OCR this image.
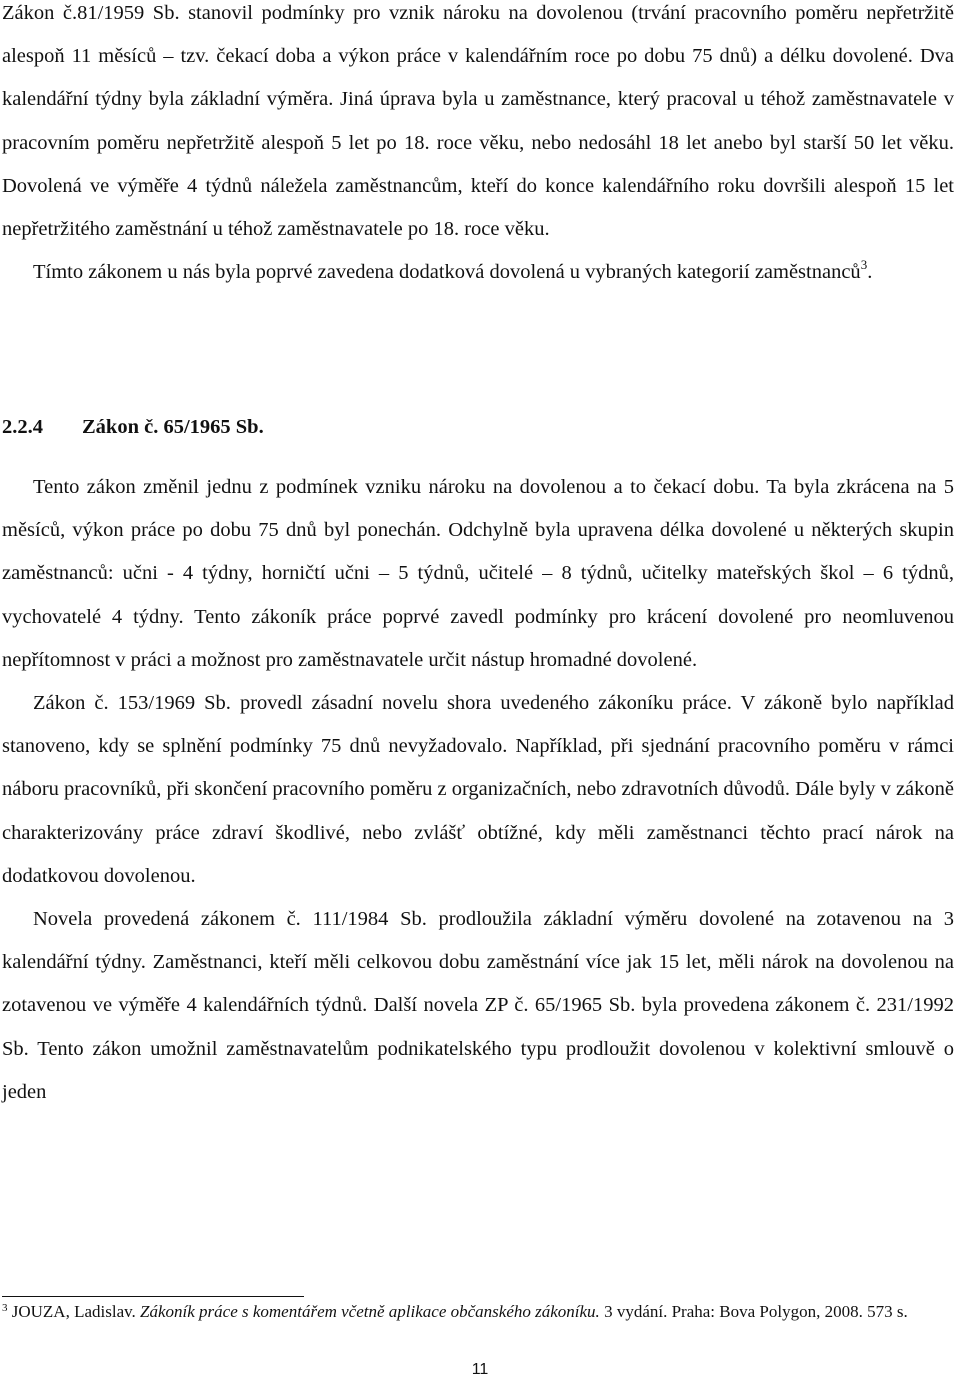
Zákon č.81/1959 Sb. stanovil podmínky pro vznik nároku na dovolenou (trvání pracovního poměru nepřetržitě alespoň 11 měsíců – tzv. čekací doba a výkon práce v kalendářním roce po dobu 75 dnů) a délku dovolené. Dva kalendářní týdny byla základní výměra. Jiná úprava byla u zaměstnance, který pracoval u téhož zaměstnavatele v pracovním poměru nepřetržitě alespoň 5 let po 18. roce věku, nebo nedosáhl 18 let anebo byl starší 50 let věku. Dovolená ve výměře 4 týdnů náležela zaměstnancům, kteří do konce kalendářního roku dovršili alespoň 15 let nepřetržitého zaměstnání u téhož zaměstnavatele po 18. roce věku.

Tímto zákonem u nás byla poprvé zavedena dodatková dovolená u vybraných kategorií zaměstnanců$^3$.

2.2.4 Zákon č. 65/1965 Sb.

Tento zákon změnil jednu z podmínek vzniku nároku na dovolenou a to čekací dobu. Ta byla zkrácena na 5 měsíců, výkon práce po dobu 75 dnů byl ponechán. Odchylně byla upravena délka dovolené u některých skupin zaměstnanců: učni - 4 týdny, horničtí učni – 5 týdnů, učitelé – 8 týdnů, učitelky mateřských škol – 6 týdnů, vychovatelé 4 týdny. Tento zákoník práce poprvé zavedl podmínky pro krácení dovolené pro neomluvenou nepřítomnost v práci a možnost pro zaměstnavatele určit nástup hromadné dovolené.

Zákon č. 153/1969 Sb. provedl zásadní novelu shora uvedeného zákoníku práce. V zákoně bylo například stanoveno, kdy se splnění podmínky 75 dnů nevyžadovalo. Například, při sjednání pracovního poměru v rámci náboru pracovníků, při skončení pracovního poměru z organizačních, nebo zdravotních důvodů. Dále byly v zákoně charakterizovány práce zdraví škodlivé, nebo zvlášť obtížné, kdy měli zaměstnanci těchto prací nárok na dodatkovou dovolenou.

Novela provedená zákonem č. 111/1984 Sb. prodloužila základní výměru dovolené na zotavenou na 3 kalendářní týdny. Zaměstnanci, kteří měli celkovou dobu zaměstnání více jak 15 let, měli nárok na dovolenou na zotavenou ve výměře 4 kalendářních týdnů. Další novela ZP č. 65/1965 Sb. byla provedena zákonem č. 231/1992 Sb. Tento zákon umožnil zaměstnavatelům podnikatelského typu prodloužit dovolenou v kolektivní smlouvě o jeden

$^3$ JOUZA, Ladislav. Zákoník práce s komentářem včetně aplikace občanského zákoníku. 3 vydání. Praha: Bova Polygon, 2008. 573 s.
11
